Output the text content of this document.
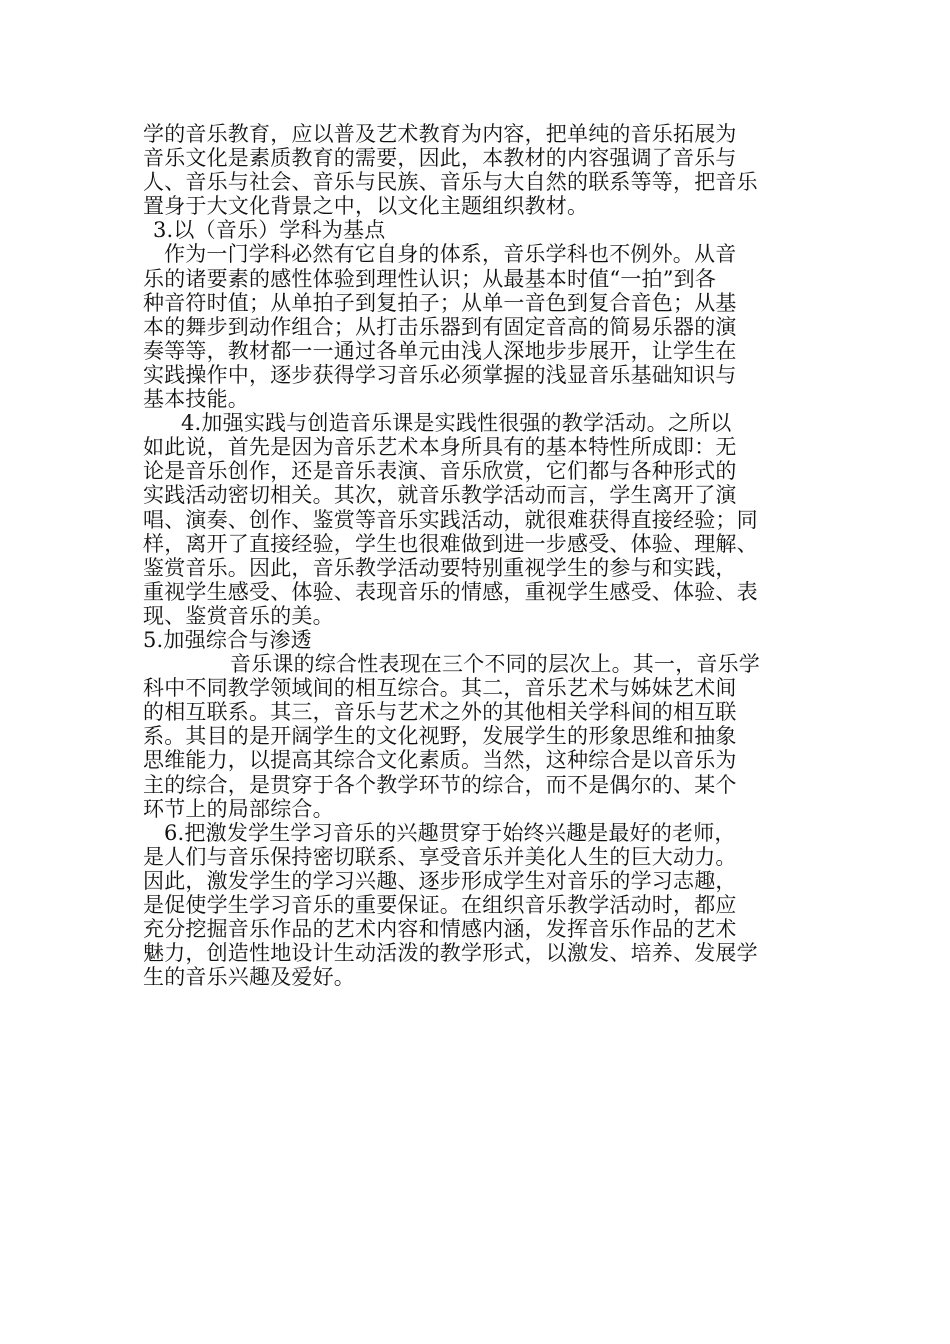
学的音乐教育，应以普及艺术教育为内容，把单纯的音乐拓展为
音乐文化是素质教育的需要，因此，本教材的内容强调了音乐与
人、音乐与社会、音乐与民族、音乐与大自然的联系等等，把音乐
置身于大文化背景之中，以文化主题组织教材。
3.以（音乐）学科为基点
作为一门学科必然有它自身的体系，音乐学科也不例外。从音
乐的诸要素的感性体验到理性认识；从最基本时值“一拍”到各
种音符时值；从单拍子到复拍子；从单一音色到复合音色；从基
本的舞步到动作组合；从打击乐器到有固定音高的简易乐器的演
奏等等，教材都一一通过各单元由浅人深地步步展开，让学生在
实践操作中，逐步获得学习音乐必须掌握的浅显音乐基础知识与
基本技能。
4.加强实践与创造音乐课是实践性很强的教学活动。之所以
如此说，首先是因为音乐艺术本身所具有的基本特性所成即：无
论是音乐创作，还是音乐表演、音乐欣赏，它们都与各种形式的
实践活动密切相关。其次，就音乐教学活动而言，学生离开了演
唱、演奏、创作、鉴赏等音乐实践活动，就很难获得直接经验；同
样，离开了直接经验，学生也很难做到进一步感受、体验、理解、
鉴赏音乐。因此，音乐教学活动要特别重视学生的参与和实践，
重视学生感受、体验、表现音乐的情感，重视学生感受、体验、表
现、鉴赏音乐的美。
5.加强综合与渗透
音乐课的综合性表现在三个不同的层次上。其一，音乐学
科中不同教学领域间的相互综合。其二，音乐艺术与姊妹艺术间
的相互联系。其三，音乐与艺术之外的其他相关学科间的相互联
系。其目的是开阔学生的文化视野，发展学生的形象思维和抽象
思维能力，以提高其综合文化素质。当然，这种综合是以音乐为
主的综合，是贯穿于各个教学环节的综合，而不是偶尔的、某个
环节上的局部综合。
6.把激发学生学习音乐的兴趣贯穿于始终兴趣是最好的老师，
是人们与音乐保持密切联系、享受音乐并美化人生的巨大动力。
因此，激发学生的学习兴趣、逐步形成学生对音乐的学习志趣，
是促使学生学习音乐的重要保证。在组织音乐教学活动时，都应
充分挖掘音乐作品的艺术内容和情感内涵，发挥音乐作品的艺术
魅力，创造性地设计生动活泼的教学形式，以激发、培养、发展学
生的音乐兴趣及爱好。
